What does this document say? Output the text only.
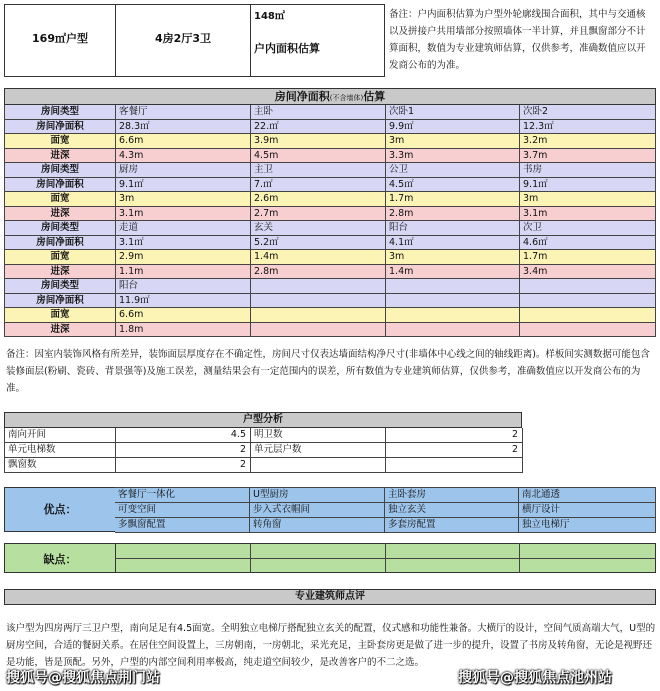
169㎡户型	4房2厅3卫
148㎡
户内面积估算
备注：户内面积估算为户型外轮廓线围合面积，其中与交通核以及拼接户共用墙部分按照墙体一半计算，并且飘窗部分不计算面积，数值为专业建筑师估算，仅供参考，准确数值应以开发商公布的为准。
房间净面积(不含墙体)估算
房间类型	客餐厅	主卧	次卧1	次卧2
房间净面积	28.3㎡	22.㎡	9.9㎡	12.3㎡
面宽	6.6m	3.9m	3m	3.2m
进深	4.3m	4.5m	3.3m	3.7m
房间类型	厨房	主卫	公卫	书房
房间净面积	9.1㎡	7.㎡	4.5㎡	9.1㎡
面宽	3m	2.6m	1.7m	3m
进深	3.1m	2.7m	2.8m	3.1m
房间类型	走道	玄关	阳台	次卫
房间净面积	3.1㎡	5.2㎡	4.1㎡	4.6㎡
面宽	2.9m	1.4m	3m	1.7m
进深	1.1m	2.8m	1.4m	3.4m
房间类型	阳台
房间净面积	11.9㎡
面宽	6.6m
进深	1.8m
备注：因室内装饰风格有所差异，装饰面层厚度存在不确定性，房间尺寸仅表达墙面结构净尺寸(非墙体中心线之间的轴线距离)。样板间实测数据可能包含装修面层(粉刷、瓷砖、背景强等)及施工误差，测量结果会有一定范围内的误差，所有数值为专业建筑师估算，仅供参考，准确数值应以开发商公布的为准。
户型分析
南向开间	4.5 明卫数	2
单元电梯数	2 单元层户数	2
飘窗数	2
优点：
客餐厅一体化	U型厨房	主卧套房	南北通透
可变空间	步入式衣帽间	独立玄关	横厅设计
多飘窗配置	转角窗	多套房配置	独立电梯厅
缺点：
专业建筑师点评
该户型为四房两厅三卫户型，南向足足有4.5面宽。全明独立电梯厅搭配独立玄关的配置，仪式感和功能性兼备。大横厅的设计，空间气质高端大气，U型的厨房空间，合适的餐厨关系。在居住空间设置上，三房朝南，一房朝北，采光充足，主卧套房更是做了进一步的提升，设置了书房及转角窗，无论是视野还是功能，皆是顶配。另外，户型的内部空间利用率极高，纯走道空间较少，是改善客户的不二之选。
搜狐号@搜狐焦点荆门站	搜狐号@搜狐焦点池州站
